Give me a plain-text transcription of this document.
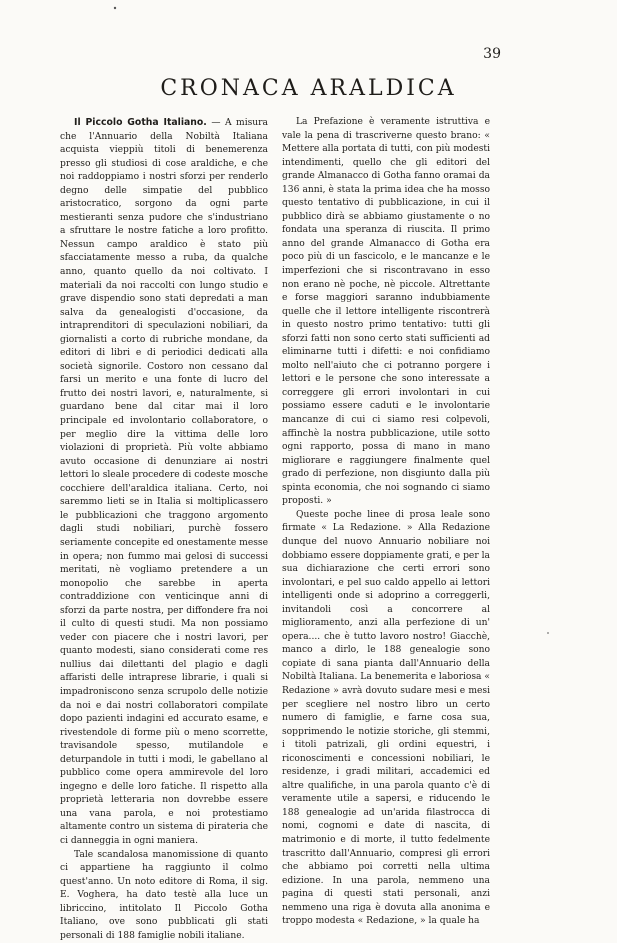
39
CRONACA ARALDICA

Il Piccolo Gotha Italiano. — A misura che l'Annuario della Nobiltà Italiana acquista vieppiù titoli di benemerenza presso gli studiosi di cose araldiche, e che noi raddoppiamo i nostri sforzi per renderlo degno delle simpatie del pubblico aristocratico, sorgono da ogni parte mestieranti senza pudore che s'industriano a sfruttare le nostre fatiche a loro profitto. Nessun campo araldico è stato più sfacciatamente messo a ruba, da qualche anno, quanto quello da noi coltivato. I materiali da noi raccolti con lungo studio e grave dispendio sono stati depredati a man salva da genealogisti d'occasione, da intraprenditori di speculazioni nobiliari, da giornalisti a corto di rubriche mondane, da editori di libri e di periodici dedicati alla società signorile. Costoro non cessano dal farsi un merito e una fonte di lucro del frutto dei nostri lavori, e, naturalmente, si guardano bene dal citar mai il loro principale ed involontario collaboratore, o per meglio dire la vittima delle loro violazioni di proprietà. Più volte abbiamo avuto occasione di denunziare ai nostri lettori lo sleale procedere di codeste mosche cocchiere dell'araldica italiana. Certo, noi saremmo lieti se in Italia si moltiplicassero le pubblicazioni che traggono argomento dagli studi nobiliari, purchè fossero seriamente concepite ed onestamente messe in opera; non fummo mai gelosi di successi meritati, nè vogliamo pretendere a un monopolio che sarebbe in aperta contraddizione con venticinque anni di sforzi da parte nostra, per diffondere fra noi il culto di questi studi. Ma non possiamo veder con piacere che i nostri lavori, per quanto modesti, siano considerati come res nullius dai dilettanti del plagio e dagli affaristi delle intraprese librarie, i quali si impadroniscono senza scrupolo delle notizie da noi e dai nostri collaboratori compilate dopo pazienti indagini ed accurato esame, e rivestendole di forme più o meno scorrette, travisandole spesso, mutilandole e deturpandole in tutti i modi, le gabellano al pubblico come opera ammirevole del loro ingegno e delle loro fatiche. Il rispetto alla proprietà letteraria non dovrebbe essere una vana parola, e noi protestiamo altamente contro un sistema di pirateria che ci danneggia in ogni maniera.

Tale scandalosa manomissione di quanto ci appartiene ha raggiunto il colmo quest'anno. Un noto editore di Roma, il sig. E. Voghera, ha dato testè alla luce un libriccino, intitolato Il Piccolo Gotha Italiano, ove sono pubblicati gli stati personali di 188 famiglie nobili italiane.

La Prefazione è veramente istruttiva e vale la pena di trascriverne questo brano: « Mettere alla portata di tutti, con più modesti intendimenti, quello che gli editori del grande Almanacco di Gotha fanno oramai da 136 anni, è stata la prima idea che ha mosso questo tentativo di pubblicazione, in cui il pubblico dirà se abbiamo giustamente o no fondata una speranza di riuscita. Il primo anno del grande Almanacco di Gotha era poco più di un fascicolo, e le mancanze e le imperfezioni che si riscontravano in esso non erano nè poche, nè piccole. Altrettante e forse maggiori saranno indubbiamente quelle che il lettore intelligente riscontrerà in questo nostro primo tentativo: tutti gli sforzi fatti non sono certo stati sufficienti ad eliminarne tutti i difetti: e noi confidiamo molto nell'aiuto che ci potranno porgere i lettori e le persone che sono interessate a correggere gli errori involontari in cui possiamo essere caduti e le involontarie mancanze di cui ci siamo resi colpevoli, affinchè la nostra pubblicazione, utile sotto ogni rapporto, possa di mano in mano migliorare e raggiungere finalmente quel grado di perfezione, non disgiunto dalla più spinta economia, che noi sognando ci siamo proposti. »

Queste poche linee di prosa leale sono firmate « La Redazione. » Alla Redazione dunque del nuovo Annuario nobiliare noi dobbiamo essere doppiamente grati, e per la sua dichiarazione che certi errori sono involontari, e pel suo caldo appello ai lettori intelligenti onde si adoprino a correggerli, invitandoli così a concorrere al miglioramento, anzi alla perfezione di un' opera.... che è tutto lavoro nostro! Giacchè, manco a dirlo, le 188 genealogie sono copiate di sana pianta dall'Annuario della Nobiltà Italiana. La benemerita e laboriosa « Redazione » avrà dovuto sudare mesi e mesi per scegliere nel nostro libro un certo numero di famiglie, e farne cosa sua, sopprimendo le notizie storiche, gli stemmi, i titoli patrizali, gli ordini equestri, i riconoscimenti e concessioni nobiliari, le residenze, i gradi militari, accademici ed altre qualifiche, in una parola quanto c'è di veramente utile a sapersi, e riducendo le 188 genealogie ad un'arida filastrocca di nomi, cognomi e date di nascita, di matrimonio e di morte, il tutto fedelmente trascritto dall'Annuario, compresi gli errori che abbiamo poi corretti nella ultima edizione. In una parola, nemmeno una pagina di questi stati personali, anzi nemmeno una riga è dovuta alla anonima e troppo modesta « Redazione, » la quale ha
